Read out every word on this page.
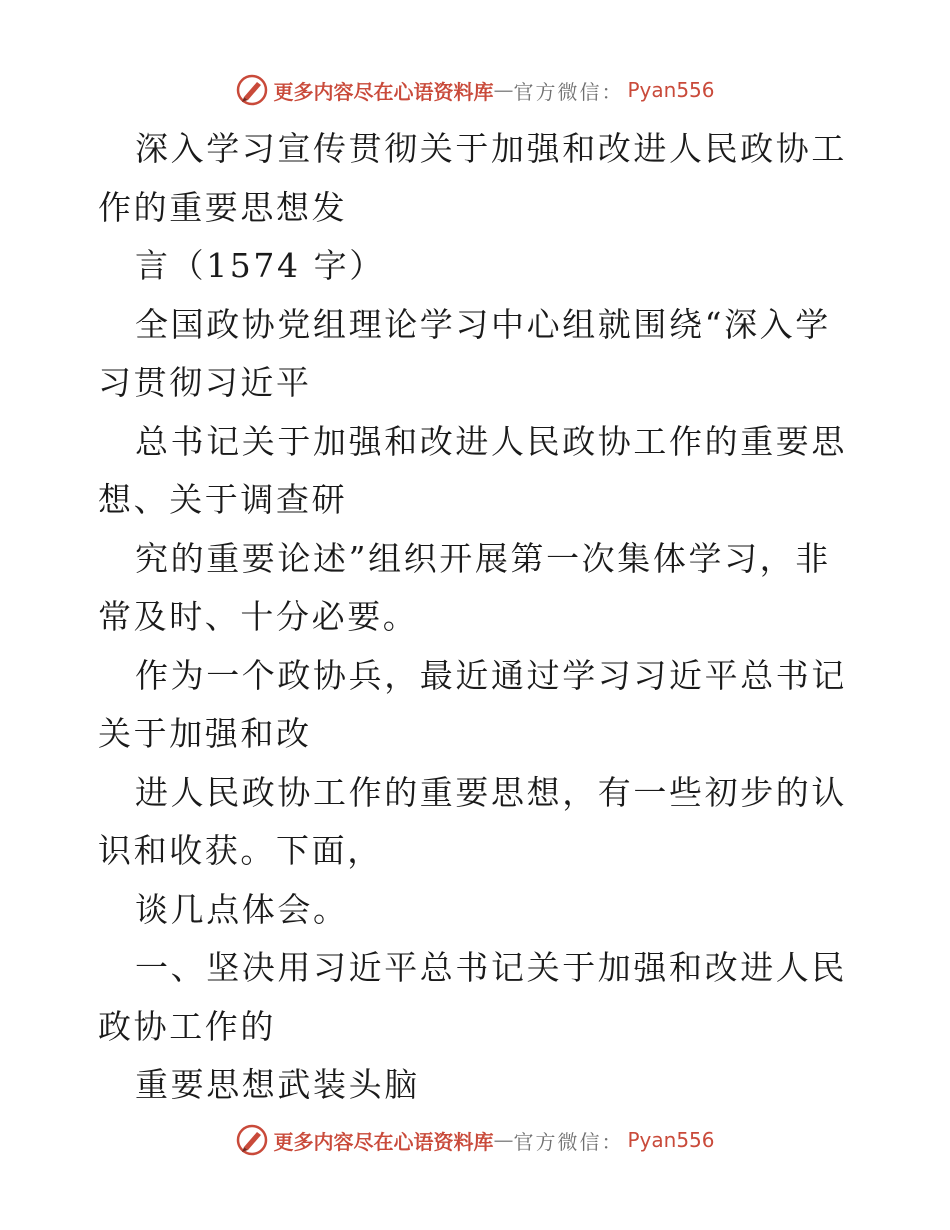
更多内容尽在心语资料库 — 官方微信： Pyan556

深入学习宣传贯彻关于加强和改进人民政协工作的重要思想发

言（1574 字）

全国政协党组理论学习中心组就围绕“深入学习贯彻习近平

总书记关于加强和改进人民政协工作的重要思想、关于调查研

究的重要论述”组织开展第一次集体学习，非常及时、十分必要。

作为一个政协兵，最近通过学习习近平总书记关于加强和改

进人民政协工作的重要思想，有一些初步的认识和收获。下面，

谈几点体会。

一、坚决用习近平总书记关于加强和改进人民政协工作的

重要思想武装头脑

更多内容尽在心语资料库 — 官方微信： Pyan556
